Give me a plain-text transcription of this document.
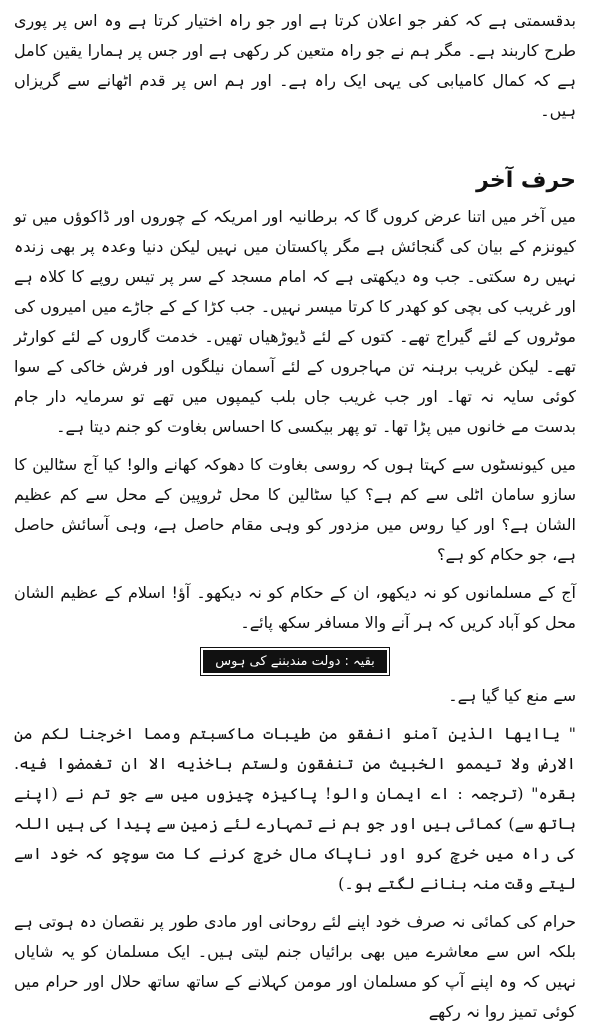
بدقسمتی ہے کہ کفر جو اعلان کرتا ہے اور جو راہ اختیار کرتا ہے وہ اس پر پوری طرح کاربند ہے۔ مگر ہم نے جو راہ متعین کر رکھی ہے اور جس پر ہمارا یقین کامل ہے کہ کمال کامیابی کی یہی ایک راہ ہے۔ اور ہم اس پر قدم اٹھانے سے گریزاں ہیں۔

حرف آخر

میں آخر میں اتنا عرض کروں گا کہ برطانیہ اور امریکہ کے چوروں اور ڈاکوؤں میں تو کیونزم کے بیان کی گنجائش ہے مگر پاکستان میں نہیں لیکن دنیا وعدہ پر بھی زندہ نہیں رہ سکتی۔ جب وہ دیکھتی ہے کہ امام مسجد کے سر پر تیس روپے کا کلاہ ہے اور غریب کی بچی کو کھدر کا کرتا میسر نہیں۔ جب کڑا کے کے جاڑے میں امیروں کی موٹروں کے لئے گیراج تھے۔ کتوں کے لئے ڈیوڑھیاں تھیں۔ خدمت گاروں کے لئے کوارٹر تھے۔ لیکن غریب برہنہ تن مہاجروں کے لئے آسمان نیلگوں اور فرش خاکی کے سوا کوئی سایہ نہ تھا۔ اور جب غریب جاں بلب کیمپوں میں تھے تو سرمایہ دار جام بدست مے خانوں میں پڑا تھا۔ تو پھر بیکسی کا احساس بغاوت کو جنم دیتا ہے۔

میں کیونسٹوں سے کہتا ہوں کہ روسی بغاوت کا دھوکہ کھانے والو! کیا آج سٹالین کا سازو سامان اٹلی سے کم ہے؟ کیا سٹالین کا محل ٹروپین کے محل سے کم عظیم الشان ہے؟ اور کیا روس میں مزدور کو وہی مقام حاصل ہے، وہی آسائش حاصل ہے، جو حکام کو ہے؟

آج کے مسلمانوں کو نہ دیکھو، ان کے حکام کو نہ دیکھو۔ آؤ! اسلام کے عظیم الشان محل کو آباد کریں کہ ہر آنے والا مسافر سکھ پائے۔

بقیہ : دولت مندبننے کی ہوس

سے منع کیا گیا ہے۔

" یاایها الذین آمنو انفقو من طیبات ماکسبتم ومما اخرجنا لکم من الارض ولا تیممو الخبیث من تنفقون ولستم باخذیه الا ان تغمضوا فیه. بقره" (ترجمہ : اے ایمان والو! پاکیزہ چیزوں میں سے جو تم نے (اپنے ہاتھ سے) کمائی ہیں اور جو ہم نے تمہارے لئے زمین سے پیدا کی ہیں اللہ کی راہ میں خرچ کرو اور ناپاک مال خرچ کرنے کا مت سوچو کہ خود اسے لیتے وقت منہ بنانے لگتے ہو۔)

حرام کی کمائی نہ صرف خود اپنے لئے روحانی اور مادی طور پر نقصان دہ ہوتی ہے بلکہ اس سے معاشرے میں بھی برائیاں جنم لیتی ہیں۔ ایک مسلمان کو یہ شایاں نہیں کہ وہ اپنے آپ کو مسلمان اور مومن کہلانے کے ساتھ ساتھ حلال اور حرام میں کوئی تمیز روا نہ رکھے
